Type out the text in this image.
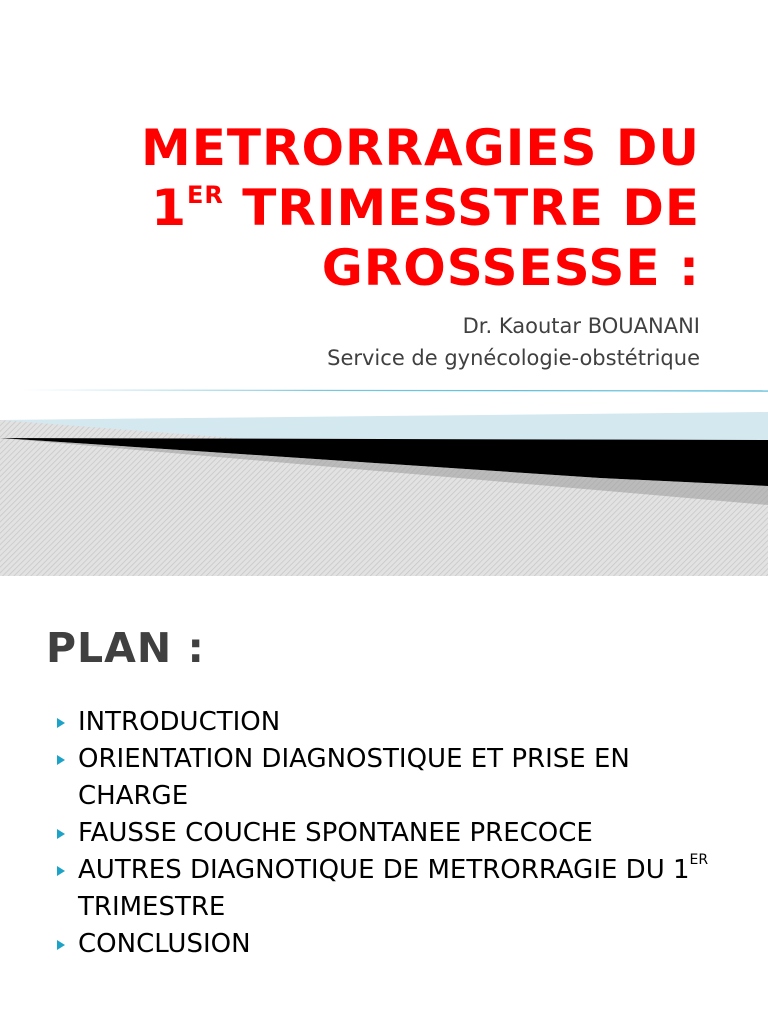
METRORRAGIES DU
1ER TRIMESSTRE DE
GROSSESSE :
Dr. Kaoutar BOUANANI
Service de gynécologie-obstétrique
PLAN :
INTRODUCTION
ORIENTATION DIAGNOSTIQUE ET PRISE EN CHARGE
FAUSSE COUCHE SPONTANEE PRECOCE
AUTRES DIAGNOTIQUE DE METRORRAGIE DU 1ER TRIMESTRE
CONCLUSION
